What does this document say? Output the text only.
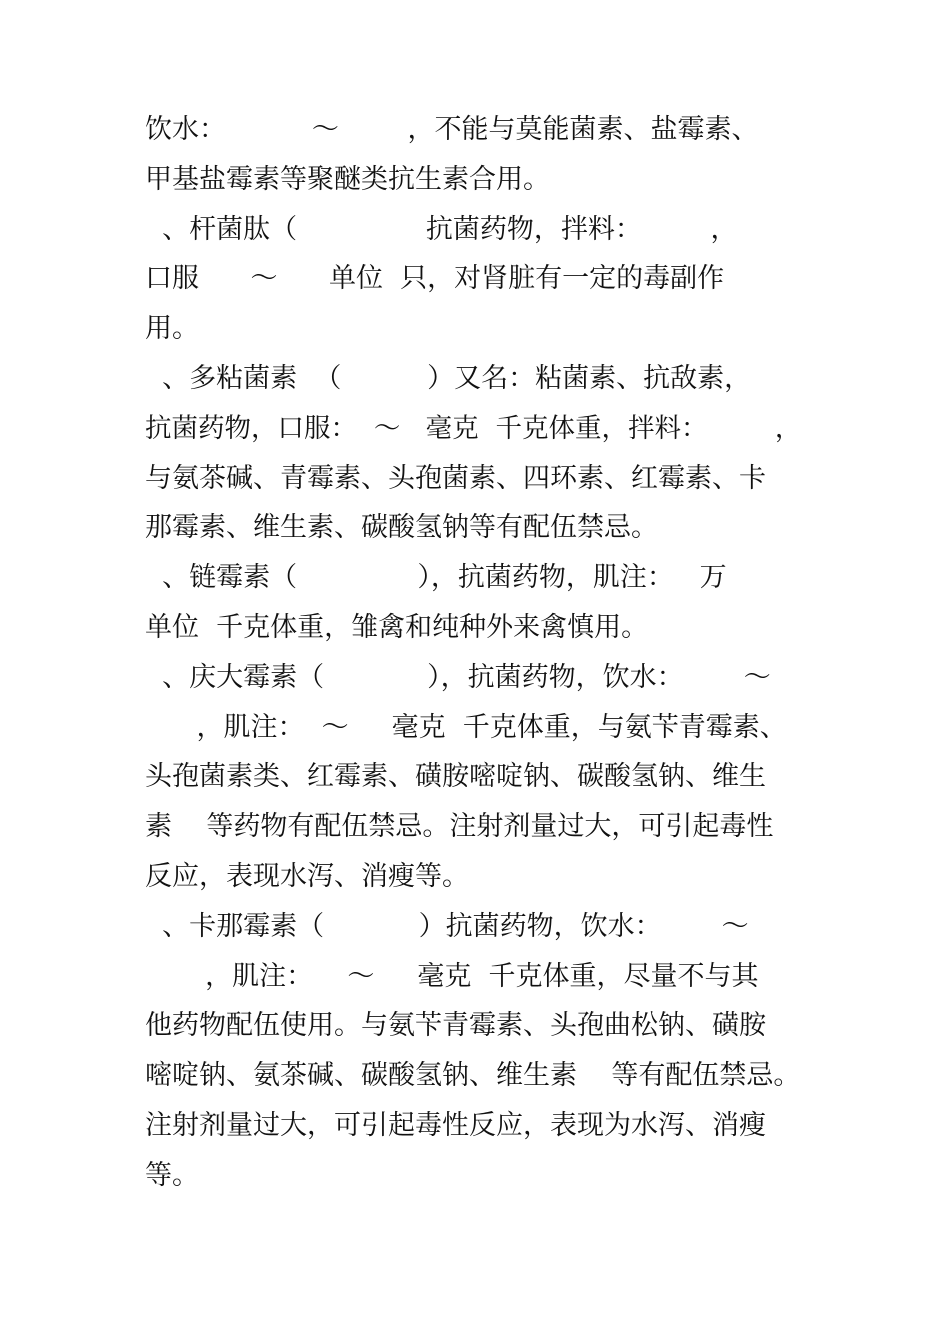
饮水：          ～        ，不能与莫能菌素、盐霉素、

甲基盐霉素等聚醚类抗生素合用。

、杆菌肽（               抗菌药物，拌料：        ，

口服      ～      单位  只，对肾脏有一定的毒副作

用。

、多粘菌素  （          ）又名：粘菌素、抗敌素，

抗菌药物，口服：  ～   毫克  千克体重，拌料：        ，

与氨茶碱、青霉素、头孢菌素、四环素、红霉素、卡

那霉素、维生素、碳酸氢钠等有配伍禁忌。

、链霉素（              ），抗菌药物，肌注：   万

单位  千克体重，雏禽和纯种外来禽慎用。

、庆大霉素（            ），抗菌药物，饮水：       ～

，肌注：  ～     毫克  千克体重，与氨苄青霉素、

头孢菌素类、红霉素、磺胺嘧啶钠、碳酸氢钠、维生

素    等药物有配伍禁忌。注射剂量过大，可引起毒性

反应，表现水泻、消瘦等。

、卡那霉素（           ）抗菌药物，饮水：       ～

，肌注：    ～     毫克  千克体重，尽量不与其

他药物配伍使用。与氨苄青霉素、头孢曲松钠、磺胺

嘧啶钠、氨茶碱、碳酸氢钠、维生素    等有配伍禁忌。

注射剂量过大，可引起毒性反应，表现为水泻、消瘦

等。
